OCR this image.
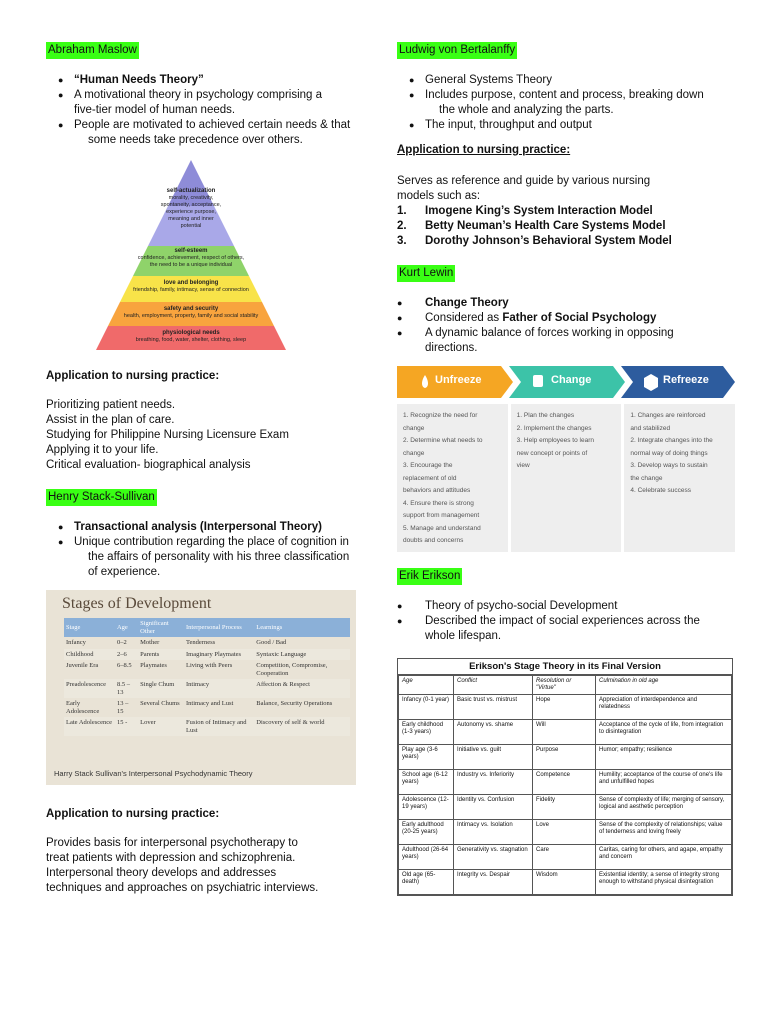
Abraham Maslow
● “Human Needs Theory”
● A motivational theory in psychology comprising a
five-tier model of human needs.
● People are motivated to achieved certain needs & that

some needs take precedence over others.
self-actualization
morality, creativity, spontaneity, acceptance, experience purpose, meaning and inner potential
self-esteem
confidence, achievement, respect of others, the need to be a unique individual
love and belonging
friendship, family, intimacy, sense of connection
safety and security
health, employment, property, family and social stability
physiological needs
breathing, food, water, shelter, clothing, sleep
Application to nursing practice:

Prioritizing patient needs.

Assist in the plan of care.

Studying for Philippine Nursing Licensure Exam

Applying it to your life.

Critical evaluation- biographical analysis

Henry Stack-Sullivan
● Transactional analysis (Interpersonal Theory)
● Unique contribution regarding the place of cognition in

the affairs of personality with his three classification
of experience.
Stages of Development
Stage	Age	Significant Other	Interpersonal Process	Learnings
Infancy	0–2	Mother	Tenderness	Good / Bad
Childhood	2–6	Parents	Imaginary Playmates	Syntaxic Language
Juvenile Era	6–8.5	Playmates	Living with Peers	Competition, Compromise, Cooperation
Preadolescence	8.5 – 13	Single Chum	Intimacy	Affection & Respect
Early Adolescence	13 – 15	Several Chums	Intimacy and Lust	Balance, Security Operations
Late Adolescence	15 -	Lover	Fusion of Intimacy and Lust	Discovery of self & world
Harry Stack Sullivan's Interpersonal Psychodynamic Theory
Application to nursing practice:

Provides basis for interpersonal psychotherapy to

treat patients with depression and schizophrenia.

Interpersonal theory develops and addresses

techniques and approaches on psychiatric interviews.

Ludwig von Bertalanffy
● General Systems Theory
● Includes purpose, content and process, breaking down

the whole and analyzing the parts.
● The input, throughput and output
Application to nursing practice:

Serves as reference and guide by various nursing

models such as:

1. Imogene King’s System Interaction Model
2. Betty Neuman’s Health Care Systems Model
3. Dorothy Johnson’s Behavioral System Model
Kurt Lewin
● Change Theory
● Considered as Father of Social Psychology
● A dynamic balance of forces working in opposing
directions.
Unfreeze	Change	Refreeze
1. Recognize the need for
change
2. Determine what needs to
change
3. Encourage the
replacement of old
behaviors and attitudes
4. Ensure there is strong
support from management
5. Manage and understand
doubts and concerns
1. Plan the changes
2. Implement the changes
3. Help employees to learn
new concept or points of
view
1. Changes are reinforced
and stabilized
2. Integrate changes into the
normal way of doing things
3. Develop ways to sustain
the change
4. Celebrate success
Erik Erikson
● Theory of psycho-social Development
● Described the impact of social experiences across the
whole lifespan.
Erikson's Stage Theory in its Final Version
Age	Conflict	Resolution or "Virtue"	Culmination in old age
Infancy (0-1 year)	Basic trust vs. mistrust	Hope	Appreciation of interdependence and relatedness
Early childhood (1-3 years)	Autonomy vs. shame	Will	Acceptance of the cycle of life, from integration to disintegration
Play age (3-6 years)	Initiative vs. guilt	Purpose	Humor; empathy; resilience
School age (6-12 years)	Industry vs. Inferiority	Competence	Humility; acceptance of the course of one's life and unfulfilled hopes
Adolescence (12-19 years)	Identity vs. Confusion	Fidelity	Sense of complexity of life; merging of sensory, logical and aesthetic perception
Early adulthood (20-25 years)	Intimacy vs. Isolation	Love	Sense of the complexity of relationships; value of tenderness and loving freely
Adulthood (26-64 years)	Generativity vs. stagnation	Care	Caritas, caring for others, and agape, empathy and concern
Old age (65-death)	Integrity vs. Despair	Wisdom	Existential identity; a sense of integrity strong enough to withstand physical disintegration
